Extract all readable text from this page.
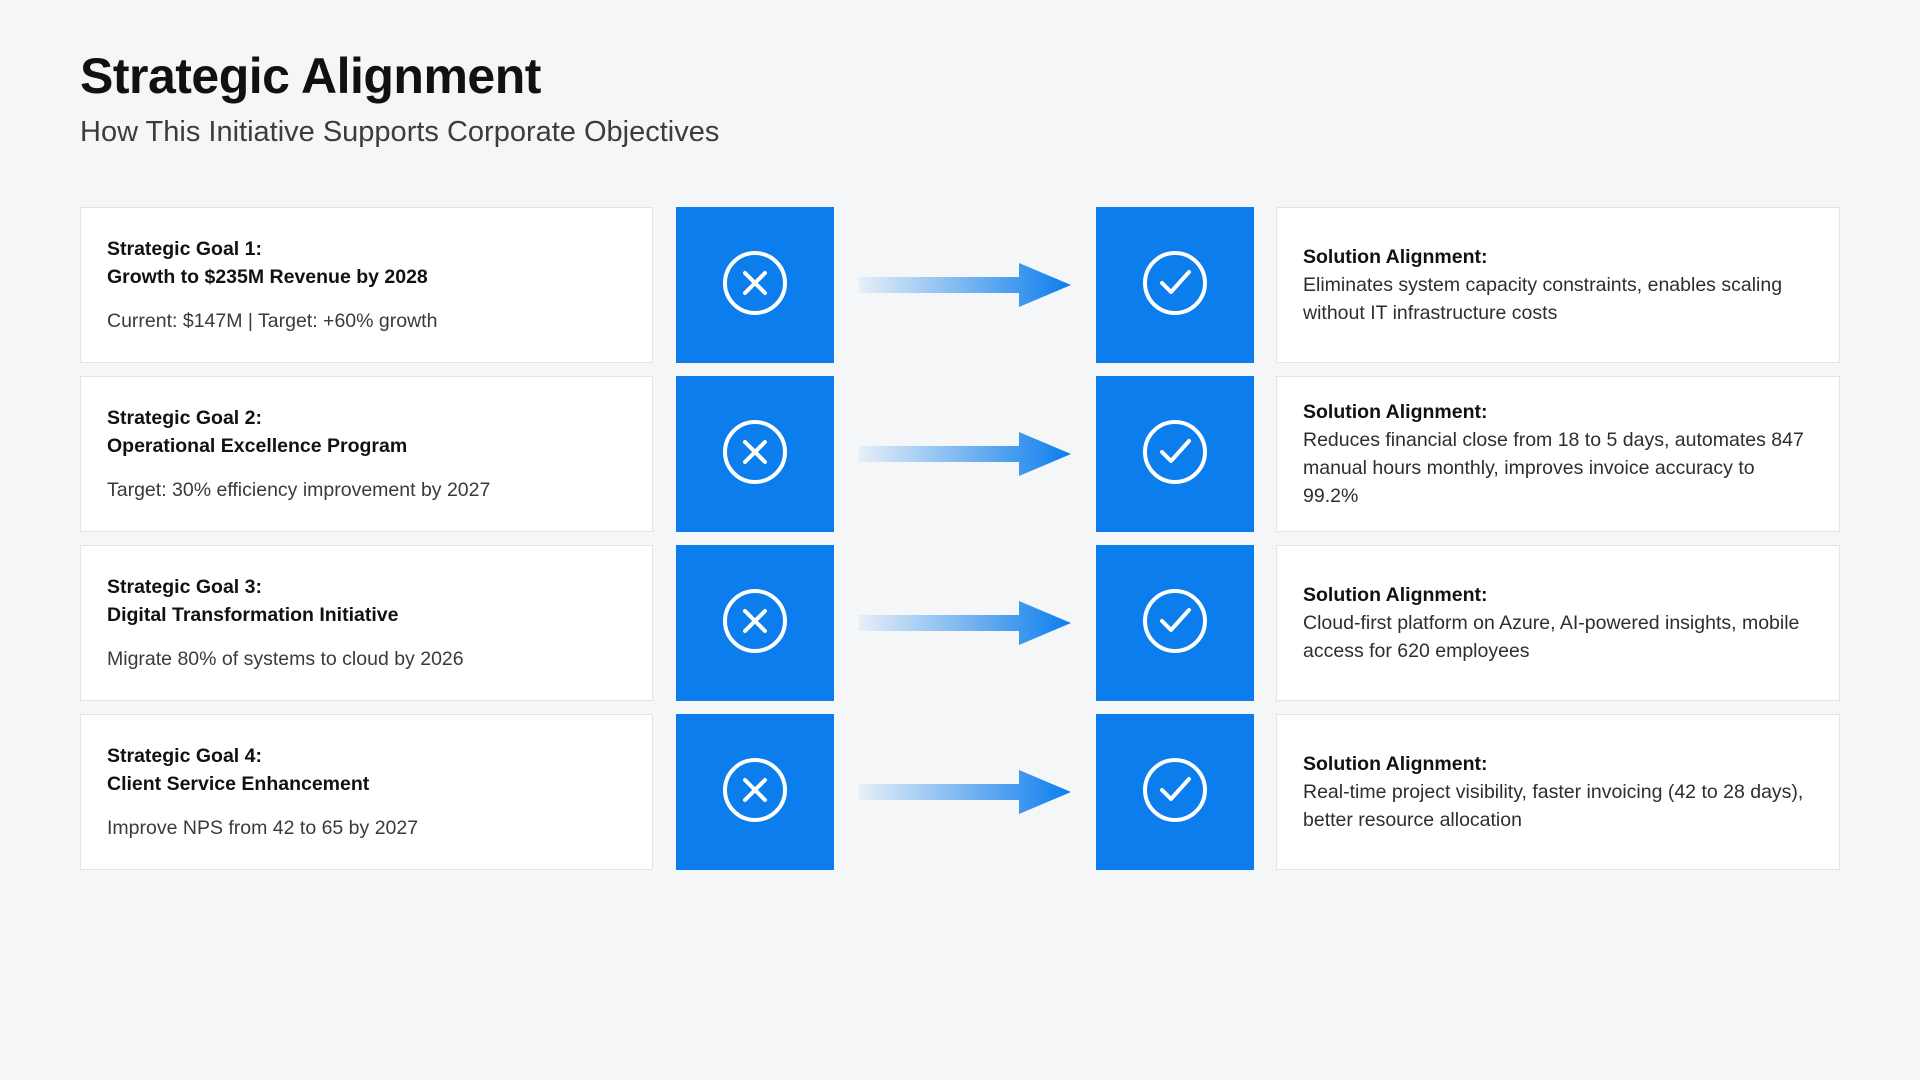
Strategic Alignment

How This Initiative Supports Corporate Objectives

Strategic Goal 1:
Growth to $235M Revenue by 2028
Current: $147M | Target: +60% growth
Solution Alignment:
Eliminates system capacity constraints, enables scaling without IT infrastructure costs
Strategic Goal 2:
Operational Excellence Program
Target: 30% efficiency improvement by 2027
Solution Alignment:
Reduces financial close from 18 to 5 days, automates 847 manual hours monthly, improves invoice accuracy to 99.2%
Strategic Goal 3:
Digital Transformation Initiative
Migrate 80% of systems to cloud by 2026
Solution Alignment:
Cloud-first platform on Azure, AI-powered insights, mobile access for 620 employees
Strategic Goal 4:
Client Service Enhancement
Improve NPS from 42 to 65 by 2027
Solution Alignment:
Real-time project visibility, faster invoicing (42 to 28 days), better resource allocation
